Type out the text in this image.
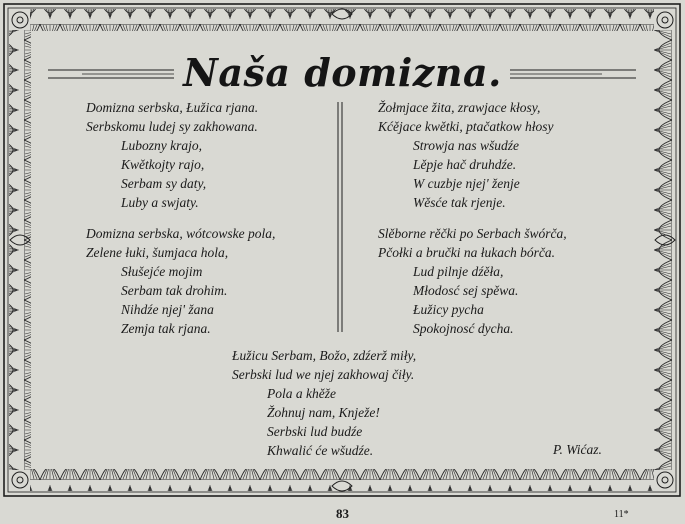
Naša domizna.
Domizna serbska, Łužica rjana.
Serbskomu ludej sy zakhowana.
Lubozny krajo,
Kwětkojty rajo,
Serbam sy daty,
Luby a swjaty.
Domizna serbska, wótcowske pola,
Zelene łuki, šumjaca hola,
Słušejće mojim
Serbam tak drohim.
Nihdźe njej' žana
Zemja tak rjana.
Žołmjace žita, zrawjace kłosy,
Kćějace kwětki, ptačatkow hłosy
Strowja nas wšudźe
Lěpje hač druhdźe.
W cuzbje njej' ženje
Wěsće tak rjenje.
Slěborne rěčki po Serbach šwórča,
Pčołki a bručki na łukach bórča.
Lud pilnje dźěła,
Młodosć sej spěwa.
Łužicy pycha
Spokojnosć dycha.
Łužicu Serbam, Božo, zdźerž miły,
Serbski lud we njej zakhowaj čiły.
Pola a khěže
Žohnuj nam, Knježe!
Serbski lud budźe
Khwalić će wšudźe.	P. Wićaz.
83	11*
